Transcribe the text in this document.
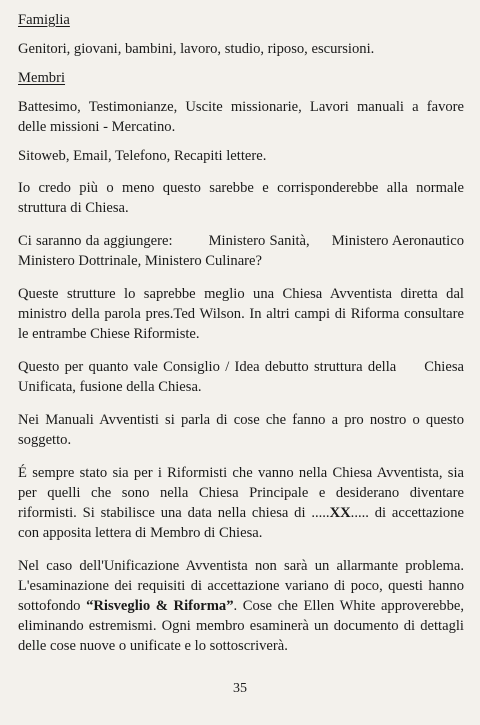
Famiglia

Genitori, giovani, bambini, lavoro, studio, riposo, escursioni.

Membri

Battesimo, Testimonianze, Uscite missionarie, Lavori manuali a favore delle missioni - Mercatino.

Sitoweb, Email, Telefono, Recapiti lettere.

Io credo più o meno questo sarebbe e corrisponderebbe alla normale struttura di Chiesa.

Ci saranno da aggiungere: Ministero Sanità, Ministero Aeronautico Ministero Dottrinale, Ministero Culinare?

Queste strutture lo saprebbe meglio una Chiesa Avventista diretta dal ministro della parola pres.Ted Wilson. In altri campi di Riforma consultare le entrambe Chiese Riformiste.

Questo per quanto vale Consiglio / Idea debutto struttura della Chiesa Unificata, fusione della Chiesa.

Nei Manuali Avventisti si parla di cose che fanno a pro nostro o questo soggetto.

É sempre stato sia per i Riformisti che vanno nella Chiesa Avventista, sia per quelli che sono nella Chiesa Principale e desiderano diventare riformisti. Si stabilisce una data nella chiesa di .....XX..... di accettazione con apposita lettera di Membro di Chiesa.

Nel caso dell'Unificazione Avventista non sarà un allarmante problema. L'esaminazione dei requisiti di accettazione variano di poco, questi hanno sottofondo “Risveglio & Riforma”. Cose che Ellen White approverebbe, eliminando estremismi. Ogni membro esaminerà un documento di dettagli delle cose nuove o unificate e lo sottoscriverà.

35
